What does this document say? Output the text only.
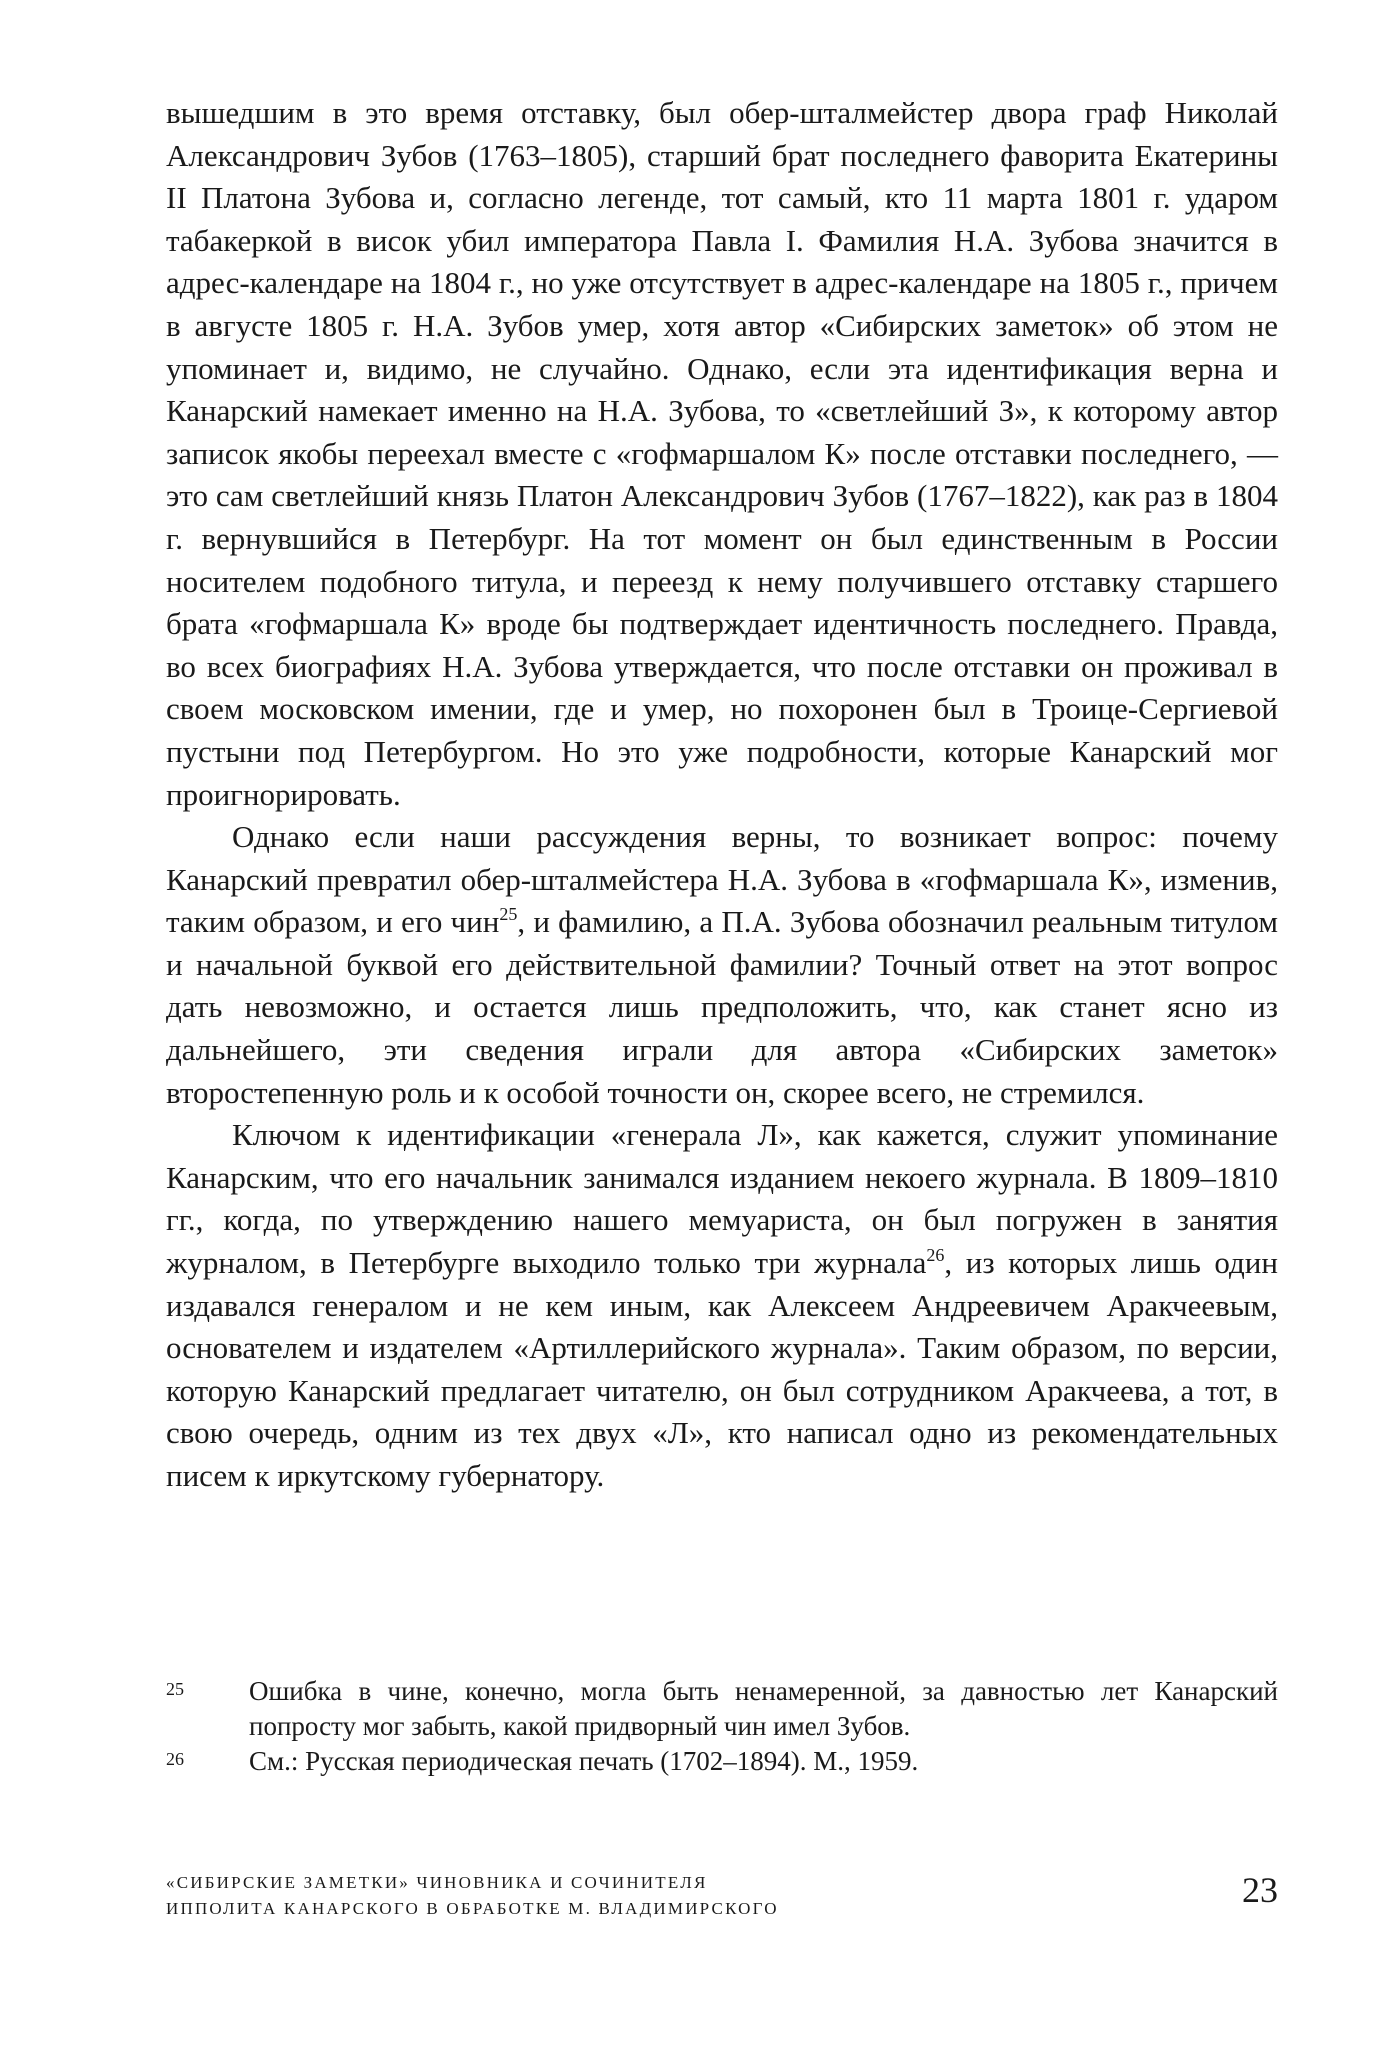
вышедшим в это время отставку, был обер-шталмейстер двора граф Николай Александрович Зубов (1763–1805), старший брат последнего фаворита Екатерины II Платона Зубова и, согласно легенде, тот самый, кто 11 марта 1801 г. ударом табакеркой в висок убил императора Павла I. Фамилия Н.А. Зубова значится в адрес-календаре на 1804 г., но уже отсутствует в адрес-календаре на 1805 г., причем в августе 1805 г. Н.А. Зубов умер, хотя автор «Сибирских заметок» об этом не упоминает и, видимо, не случайно. Однако, если эта идентификация верна и Канарский намекает именно на Н.А. Зубова, то «светлейший З», к которому автор записок якобы переехал вместе с «гофмаршалом К» после отставки последнего, — это сам светлейший князь Платон Александрович Зубов (1767–1822), как раз в 1804 г. вернувшийся в Петербург. На тот момент он был единственным в России носителем подобного титула, и переезд к нему получившего отставку старшего брата «гофмаршала К» вроде бы подтверждает идентичность последнего. Правда, во всех биографиях Н.А. Зубова утверждается, что после отставки он проживал в своем московском имении, где и умер, но похоронен был в Троице-Сергиевой пустыни под Петербургом. Но это уже подробности, которые Канарский мог проигнорировать.

Однако если наши рассуждения верны, то возникает вопрос: почему Канарский превратил обер-шталмейстера Н.А. Зубова в «гофмаршала К», изменив, таким образом, и его чин$^{25}$, и фамилию, а П.А. Зубова обозначил реальным титулом и начальной буквой его действительной фамилии? Точный ответ на этот вопрос дать невозможно, и остается лишь предположить, что, как станет ясно из дальнейшего, эти сведения играли для автора «Сибирских заметок» второстепенную роль и к особой точности он, скорее всего, не стремился.

Ключом к идентификации «генерала Л», как кажется, служит упоминание Канарским, что его начальник занимался изданием некоего журнала. В 1809–1810 гг., когда, по утверждению нашего мемуариста, он был погружен в занятия журналом, в Петербурге выходило только три журнала$^{26}$, из которых лишь один издавался генералом и не кем иным, как Алексеем Андреевичем Аракчеевым, основателем и издателем «Артиллерийского журнала». Таким образом, по версии, которую Канарский предлагает читателю, он был сотрудником Аракчеева, а тот, в свою очередь, одним из тех двух «Л», кто написал одно из рекомендательных писем к иркутскому губернатору.

25 Ошибка в чине, конечно, могла быть ненамеренной, за давностью лет Канарский попросту мог забыть, какой придворный чин имел Зубов.
26 См.: Русская периодическая печать (1702–1894). М., 1959.
«СИБИРСКИЕ ЗАМЕТКИ» ЧИНОВНИКА И СОЧИНИТЕЛЯ
ИППОЛИТА КАНАРСКОГО В ОБРАБОТКЕ М. ВЛАДИМИРСКОГО	23
